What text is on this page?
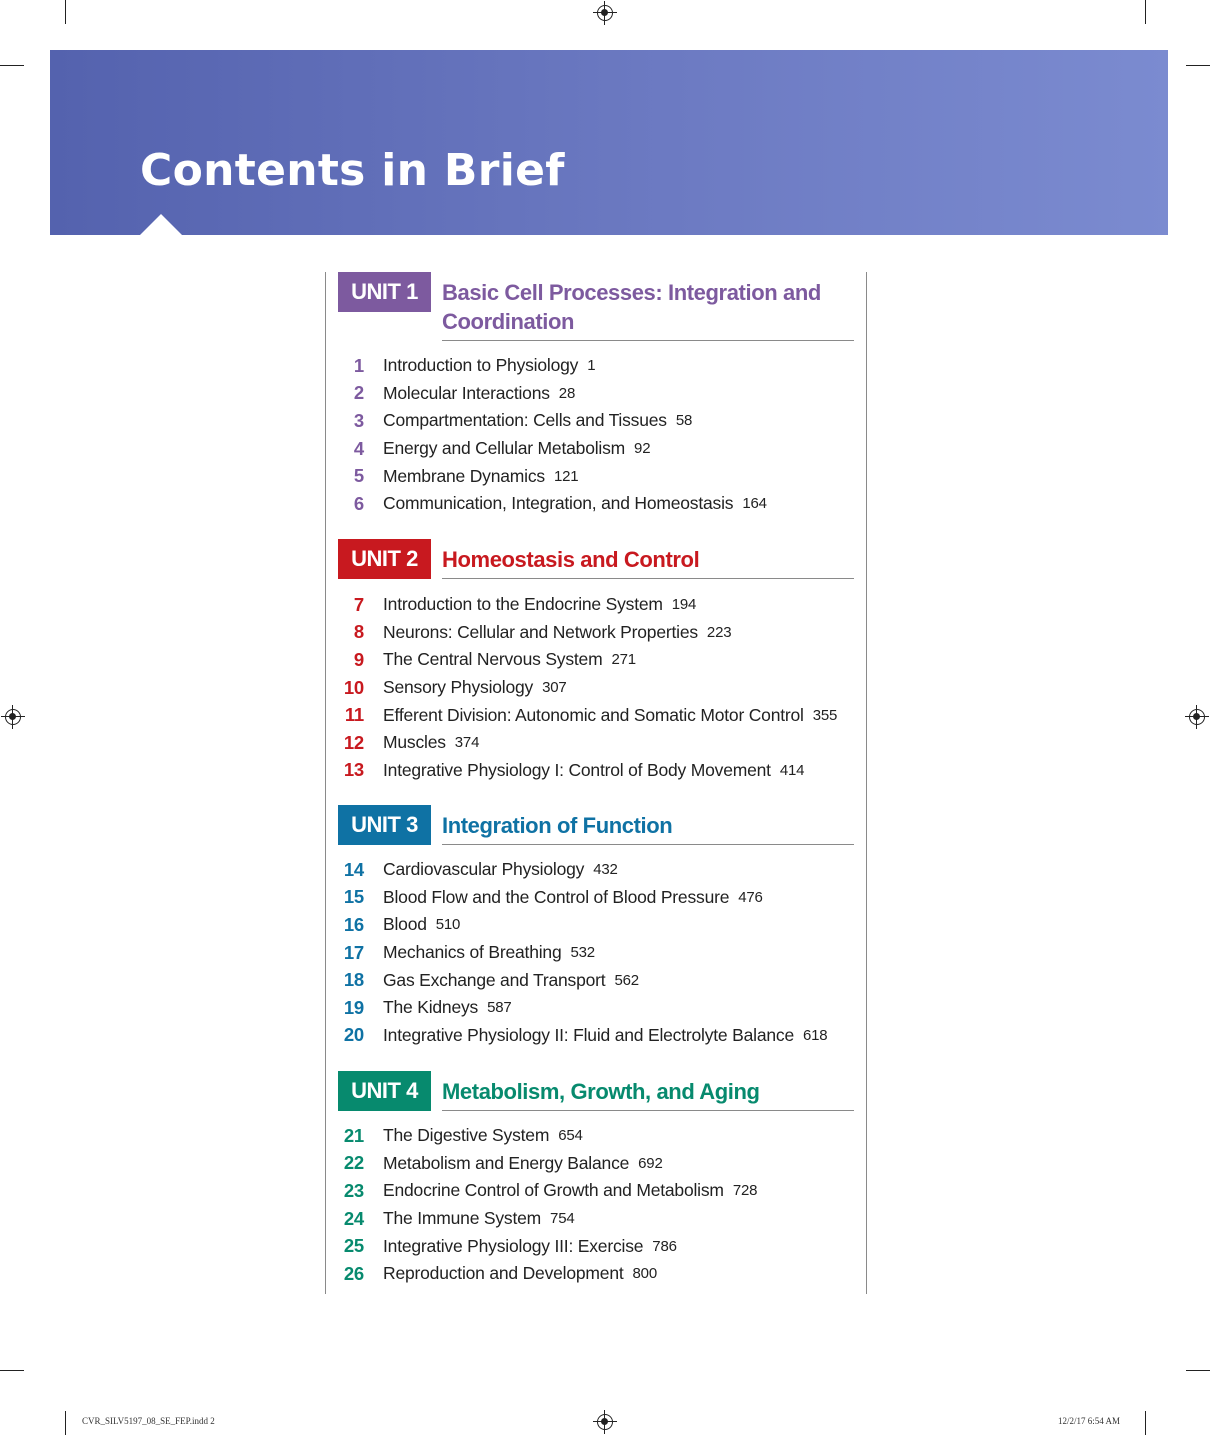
Contents in Brief
UNIT 1	Basic Cell Processes: Integration and Coordination
1	Introduction to Physiology 1
2	Molecular Interactions 28
3	Compartmentation: Cells and Tissues 58
4	Energy and Cellular Metabolism 92
5	Membrane Dynamics 121
6	Communication, Integration, and Homeostasis 164
UNIT 2	Homeostasis and Control
7	Introduction to the Endocrine System 194
8	Neurons: Cellular and Network Properties 223
9	The Central Nervous System 271
10	Sensory Physiology 307
11	Efferent Division: Autonomic and Somatic Motor Control 355
12	Muscles 374
13	Integrative Physiology I: Control of Body Movement 414
UNIT 3	Integration of Function
14	Cardiovascular Physiology 432
15	Blood Flow and the Control of Blood Pressure 476
16	Blood 510
17	Mechanics of Breathing 532
18	Gas Exchange and Transport 562
19	The Kidneys 587
20	Integrative Physiology II: Fluid and Electrolyte Balance 618
UNIT 4	Metabolism, Growth, and Aging
21	The Digestive System 654
22	Metabolism and Energy Balance 692
23	Endocrine Control of Growth and Metabolism 728
24	The Immune System 754
25	Integrative Physiology III: Exercise 786
26	Reproduction and Development 800
CVR_SILV5197_08_SE_FEP.indd 2	12/2/17 6:54 AM
